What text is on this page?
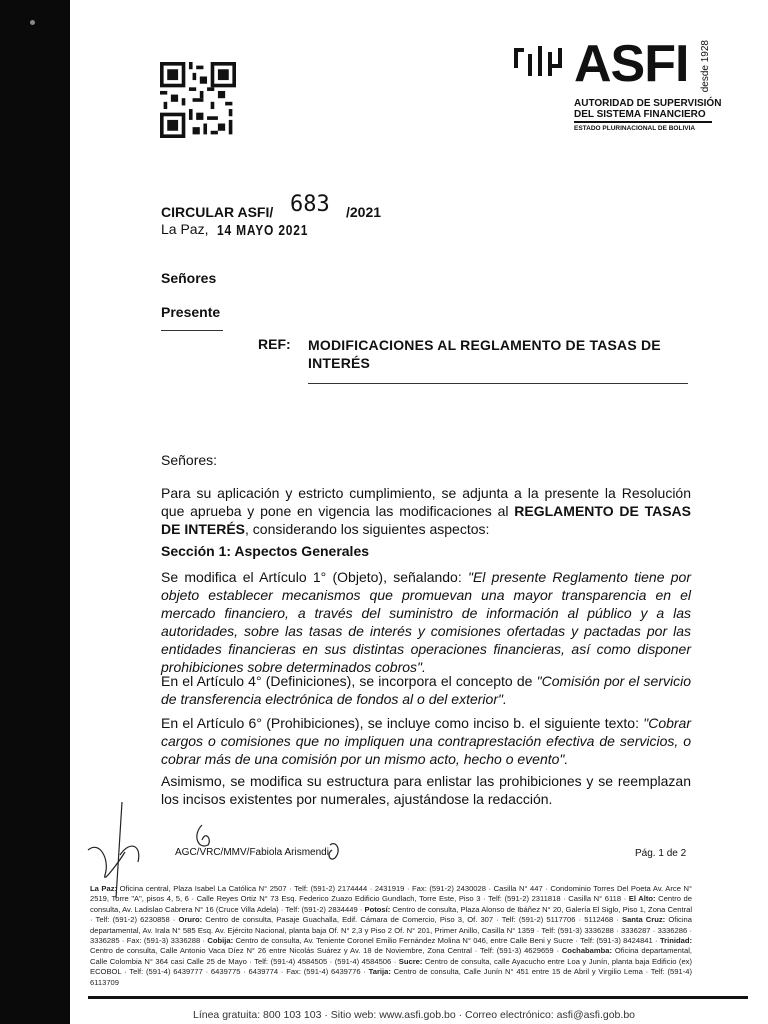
ASFI desde 1928
AUTORIDAD DE SUPERVISIÓN
DEL SISTEMA FINANCIERO
ESTADO PLURINACIONAL DE BOLIVIA
CIRCULAR ASFI/ 683 /2021
La Paz, 14 MAYO 2021
Señores
Presente
REF: MODIFICACIONES AL REGLAMENTO DE TASAS DE INTERÉS
Señores:
Para su aplicación y estricto cumplimiento, se adjunta a la presente la Resolución que aprueba y pone en vigencia las modificaciones al REGLAMENTO DE TASAS DE INTERÉS, considerando los siguientes aspectos:
Sección 1: Aspectos Generales
Se modifica el Artículo 1° (Objeto), señalando: "El presente Reglamento tiene por objeto establecer mecanismos que promuevan una mayor transparencia en el mercado financiero, a través del suministro de información al público y a las autoridades, sobre las tasas de interés y comisiones ofertadas y pactadas por las entidades financieras en sus distintas operaciones financieras, así como disponer prohibiciones sobre determinados cobros".
En el Artículo 4° (Definiciones), se incorpora el concepto de "Comisión por el servicio de transferencia electrónica de fondos al o del exterior".
En el Artículo 6° (Prohibiciones), se incluye como inciso b. el siguiente texto: "Cobrar cargos o comisiones que no impliquen una contraprestación efectiva de servicios, o cobrar más de una comisión por un mismo acto, hecho o evento".
Asimismo, se modifica su estructura para enlistar las prohibiciones y se reemplazan los incisos existentes por numerales, ajustándose la redacción.
AGC/VRC/MMV/Fabiola Arismendi	Pág. 1 de 2
La Paz: Oficina central, Plaza Isabel La Católica N° 2507 · Telf: (591-2) 2174444 · 2431919 · Fax: (591-2) 2430028 · Casilla N° 447 · Condominio Torres Del Poeta Av. Arce N° 2519, Torre "A", pisos 4, 5, 6 · Calle Reyes Ortiz N° 73 Esq. Federico Zuazo Edificio Gundlach, Torre Este, Piso 3 · Telf: (591-2) 2311818 · Casilla N° 6118 · El Alto: Centro de consulta, Av. Ladislao Cabrera N° 16 (Cruce Villa Adela) · Telf: (591-2) 2834449 · Potosí: Centro de consulta, Plaza Alonso de Ibáñez N° 20, Galería El Siglo, Piso 1, Zona Central · Telf: (591-2) 6230858 · Oruro: Centro de consulta, Pasaje Guachalla, Edif. Cámara de Comercio, Piso 3, Of. 307 · Telf: (591-2) 5117706 · 5112468 · Santa Cruz: Oficina departamental, Av. Irala N° 585 Esq. Av. Ejército Nacional, planta baja Of. N° 2,3 y Piso 2 Of. N° 201, Primer Anillo, Casilla N° 1359 · Telf: (591-3) 3336288 · 3336287 · 3336286 · 3336285 · Fax: (591-3) 3336288 · Cobija: Centro de consulta, Av. Teniente Coronel Emilio Fernández Molina N° 046, entre Calle Beni y Sucre · Telf: (591-3) 8424841 · Trinidad: Centro de consulta, Calle Antonio Vaca Díez N° 26 entre Nicolás Suárez y Av. 18 de Noviembre, Zona Central · Telf: (591-3) 4629659 · Cochabamba: Oficina departamental, Calle Colombia N° 364 casi Calle 25 de Mayo · Telf: (591-4) 4584505 · (591-4) 4584506 · Sucre: Centro de consulta, calle Ayacucho entre Loa y Junín, planta baja Edificio (ex) ECOBOL · Telf: (591-4) 6439777 · 6439775 · 6439774 · Fax: (591-4) 6439776 · Tarija: Centro de consulta, Calle Junín N° 451 entre 15 de Abril y Virgilio Lema · Telf: (591-4) 6113709
Línea gratuita: 800 103 103 · Sitio web: www.asfi.gob.bo · Correo electrónico: asfi@asfi.gob.bo
